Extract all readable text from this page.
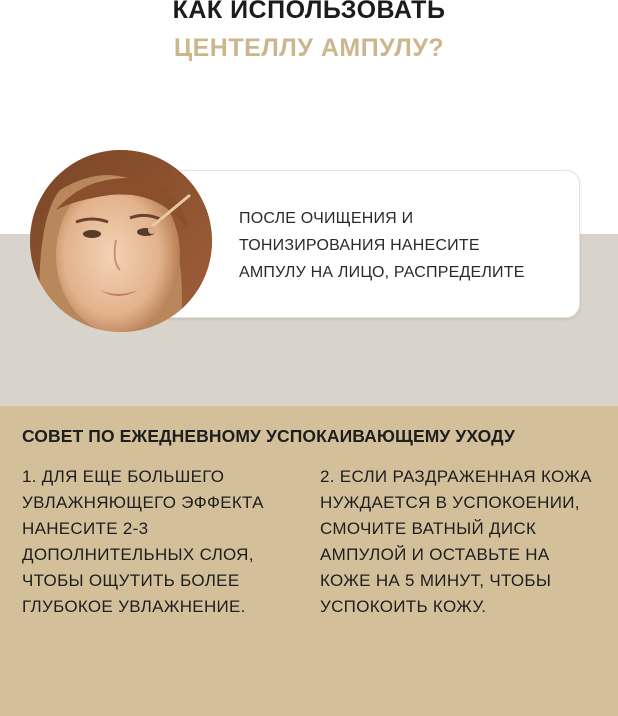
КАК ИСПОЛЬЗОВАТЬ
ЦЕНТЕЛЛУ АМПУЛУ?
ПОСЛЕ ОЧИЩЕНИЯ И
ТОНИЗИРОВАНИЯ НАНЕСИТЕ
АМПУЛУ НА ЛИЦО, РАСПРЕДЕЛИТЕ
СОВЕТ ПО ЕЖЕДНЕВНОМУ УСПОКАИВАЮЩЕМУ УХОДУ
1. ДЛЯ ЕЩЕ БОЛЬШЕГО
УВЛАЖНЯЮЩЕГО ЭФФЕКТА
НАНЕСИТЕ 2-3
ДОПОЛНИТЕЛЬНЫХ СЛОЯ,
ЧТОБЫ ОЩУТИТЬ БОЛЕЕ
ГЛУБОКОЕ УВЛАЖНЕНИЕ.
2. ЕСЛИ РАЗДРАЖЕННАЯ КОЖА
НУЖДАЕТСЯ В УСПОКОЕНИИ,
СМОЧИТЕ ВАТНЫЙ ДИСК
АМПУЛОЙ И ОСТАВЬТЕ НА
КОЖЕ НА 5 МИНУТ, ЧТОБЫ
УСПОКОИТЬ КОЖУ.
